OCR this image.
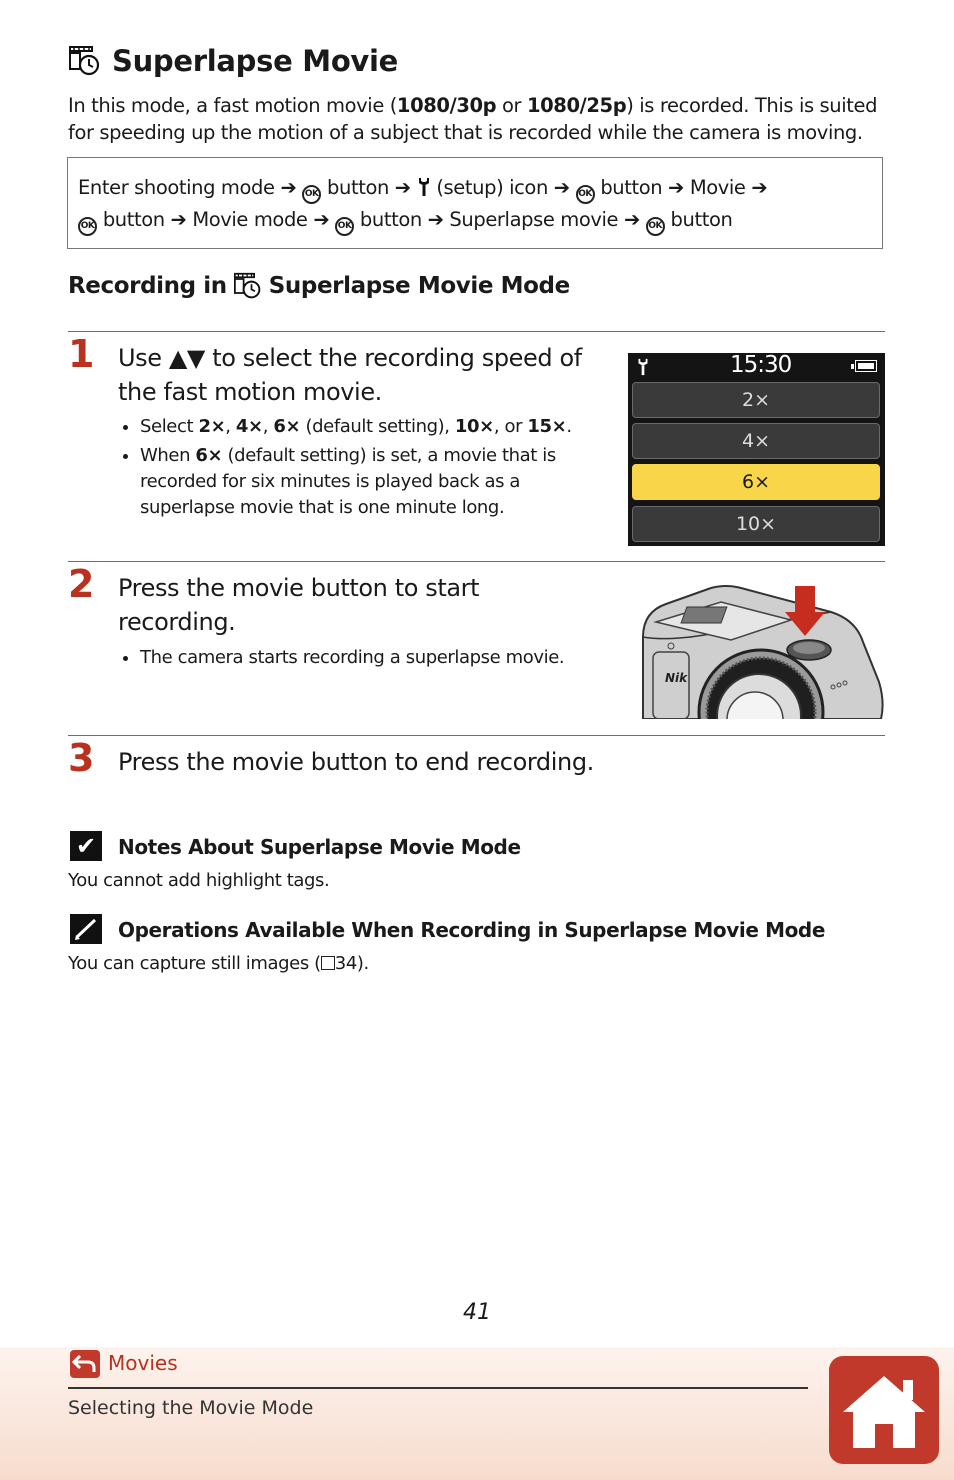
Superlapse Movie
In this mode, a fast motion movie (1080/30p or 1080/25p) is recorded. This is suited for speeding up the motion of a subject that is recorded while the camera is moving.
Enter shooting mode ➔ OK button ➔ (setup) icon ➔ OK button ➔ Movie ➔
OK button ➔ Movie mode ➔ OK button ➔ Superlapse movie ➔ OK button
Recording in Superlapse Movie Mode
1 Use ▲▼ to select the recording speed of the fast motion movie.
• Select 2×, 4×, 6× (default setting), 10×, or 15×.
• When 6× (default setting) is set, a movie that is recorded for six minutes is played back as a superlapse movie that is one minute long.
15:30
2×
4×
6×
10×
2 Press the movie button to start recording.
• The camera starts recording a superlapse movie.
Nik
3 Press the movie button to end recording.
✔ Notes About Superlapse Movie Mode
You cannot add highlight tags.
Operations Available When Recording in Superlapse Movie Mode
You can capture still images ( 34).
41
Movies
Selecting the Movie Mode
